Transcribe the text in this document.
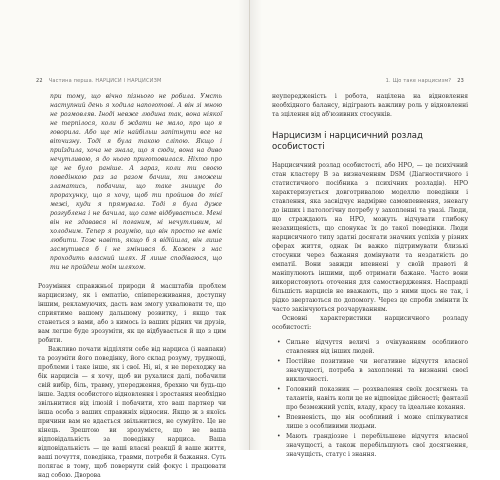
22 Частина перша. НАРЦИСИ І НАРЦИСИЗМ
при тому, що вічно пізнього не робила. Умсть наступний день я ходила напоготові. А він зі мною не розмовляв. Іноді невже людина так, вона ніякої не терпілося, коли б ждати не мало, про що я говорила. Або ще міг найбільш запітнути все на вітчизну. Тоді я була такою сліпою. Якщо і приїздила, хоча не знала, що я сюди, вона на диво нечутливою, я до нього приготовилася. Ніхто про це не було раніше. А зараз, коли ти своєю поведінкою раз за разом бачиш, ти зможеш зламатись, побачиш, що таке знищує до прорахунку, що я хочу, щоб ти пройшов до тієї межі, куди я прямувала. Тоді я була дуже розгублена і не бачила, що саме відбувається. Мені він не здавався ні поганим, ні нечутливим, ні холодним. Тепер я розумію, що він просто не вміє любити. Тож навіть, якщо б я відійшла, він лише засмутився б і не змінився б. Кожен з нас проходить власний шлях. Я лише сподіваюся, що ти не пройдеш моїм шляхом.

Розуміння справжньої природи й масштабів проблем нарцисизму, як і емпатію, співпереживання, доступну іншим, рекламуючих, дасть вам змогу ухвалювати те, що сприятиме вашому дальшому розвитку, і якщо так станеться з вами, або з кимось із ваших рідних чи друзів, вам легше буде зрозуміти, як це відбувається й що з цим робити.

Важливо почати відділяти себе від нарциса (і навпаки) та розуміти його поведінку, його склад розуму, труднощі, проблеми і таке інше, як і свої. Ні, ні, я не переходжу на бік нарцисів — я хочу, щоб ви рухалися далі, побачили свій вибір, біль, травму, упередження, брехню чи будь-що інше. Задля особистого відновлення і зростання необхідно звільнитися від ілюзій і побачити, хто ваш партнер чи інша особа з ваших справжніх відносин. Якщо ж з якоїсь причини вам не вдається звільнитися, не сумуйте. Це не кінець. Зрештою ви зрозумієте, що не ваша відповідальність за поведінку нарциса. Ваша відповідальність — це ваші власні реакції й ваше життя, ваші почуття, поведінка, травми, потреби й бажання. Суть полягає в тому, щоб повернути свій фокус і працювати над собою. Дворова

1. Що таке нарцисизм? 23

неупередженість і робота, націлена на відновлення необхідного балансу, відіграють важливу роль у відновленні та зцілення від аб'юзивних стосунків.

Нарцисизм і нарцисичний розлад особистості

Нарцисичний розлад особистості, або НРО, — це психічний стан кластеру B за визначенням DSM (Діагностичного і статистичного посібника з психічних розладів). НРО характеризується довготривалою моделлю поведінки і ставлення, яка засвідчує надмірне самовпевнення, зневагу до інших і патологічну потребу у захопленні та увазі. Люди, що страждають на НРО, можуть відчувати глибоку незахищеність, що спонукає їх до такої поведінки. Люди нарцисичного типу здатні досягати значних успіхів у різних сферах життя, однак їм важко підтримувати близькі стосунки через бажання домінувати та нездатність до емпатії. Вони завжди впевнені у своїй правоті й маніпулюють іншими, щоб отримати бажане. Часто вони використовують оточення для самоствердження. Насправді більшість нарцисів не вважають, що з ними щось не так, і рідко звертаються по допомогу. Через це спроби змінити їх часто закінчуються розчаруванням.

Основні характеристики нарцисичного розладу особистості:

• Сильне відчуття величі з очікуванням особливого ставлення від інших людей.
• Постійне позитивне чи негативне відчуття власної значущості, потреба в захопленні та визнанні своєї виключності.
• Головний показник — розхвалення своїх досягнень та талантів, навіть коли це не відповідає дійсності; фантазії про безмежний успіх, владу, красу та ідеальне кохання.
• Впевненість, що він особливий і може спілкуватися лише з особливими людьми.
• Мають грандіозне і перебільшене відчуття власної значущості, а також перебільшують свої досягнення, значущість, статус і знання.
